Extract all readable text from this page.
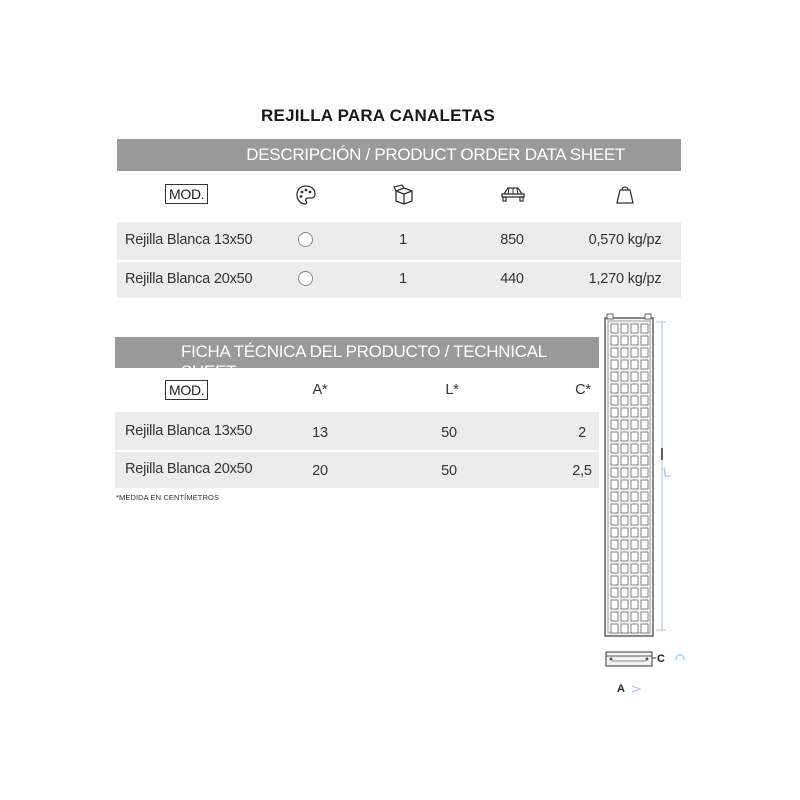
REJILLA PARA CANALETAS
DESCRIPCIÓN / PRODUCT ORDER DATA SHEET
MOD.
Rejilla Blanca 13x50	1	850	0,570 kg/pz
Rejilla Blanca 20x50	1	440	1,270 kg/pz
FICHA TÉCNICA DEL PRODUCTO / TECHNICAL SHEET
MOD.	A*	L*	C*
Rejilla Blanca 13x50	13	50	2
Rejilla Blanca 20x50	20	50	2,5
*MEDIDA EN CENTÍMETROS
L
C
A
